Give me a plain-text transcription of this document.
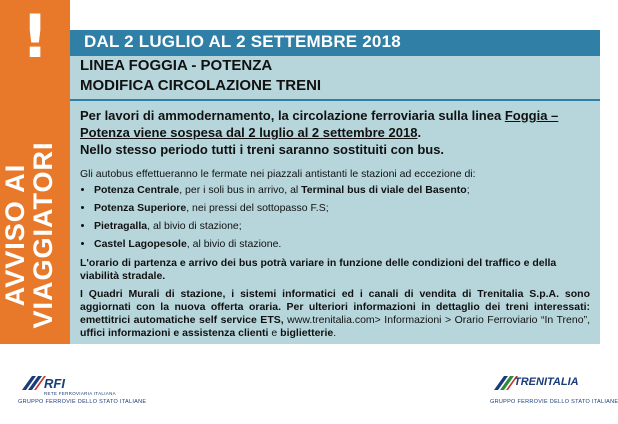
!
AVVISO AI
VIAGGIATORI
DAL 2 LUGLIO AL 2 SETTEMBRE 2018
LINEA FOGGIA - POTENZA
MODIFICA CIRCOLAZIONE TRENI
Per lavori di ammodernamento, la circolazione ferroviaria sulla linea Foggia – Potenza viene sospesa dal 2 luglio al 2 settembre 2018.
Nello stesso periodo tutti i treni saranno sostituiti con bus.
Gli autobus effettueranno le fermate nei piazzali antistanti le stazioni ad eccezione di:
• Potenza Centrale, per i soli bus in arrivo, al Terminal bus di viale del Basento;
• Potenza Superiore, nei pressi del sottopasso F.S;
• Pietragalla, al bivio di stazione;
• Castel Lagopesole, al bivio di stazione.
L'orario di partenza e arrivo dei bus potrà variare in funzione delle condizioni del traffico e della viabilità stradale.
I Quadri Murali di stazione, i sistemi informatici ed i canali di vendita di Trenitalia S.p.A. sono aggiornati con la nuova offerta oraria. Per ulteriori informazioni in dettaglio dei treni interessati: emettitrici automatiche self service ETS, www.trenitalia.com> Informazioni > Orario Ferroviario “In Treno”, uffici informazioni e assistenza clienti e biglietterie.
RFI
RETE FERROVIARIA ITALIANA
GRUPPO FERROVIE DELLO STATO ITALIANE
TRENITALIA
GRUPPO FERROVIE DELLO STATO ITALIANE
